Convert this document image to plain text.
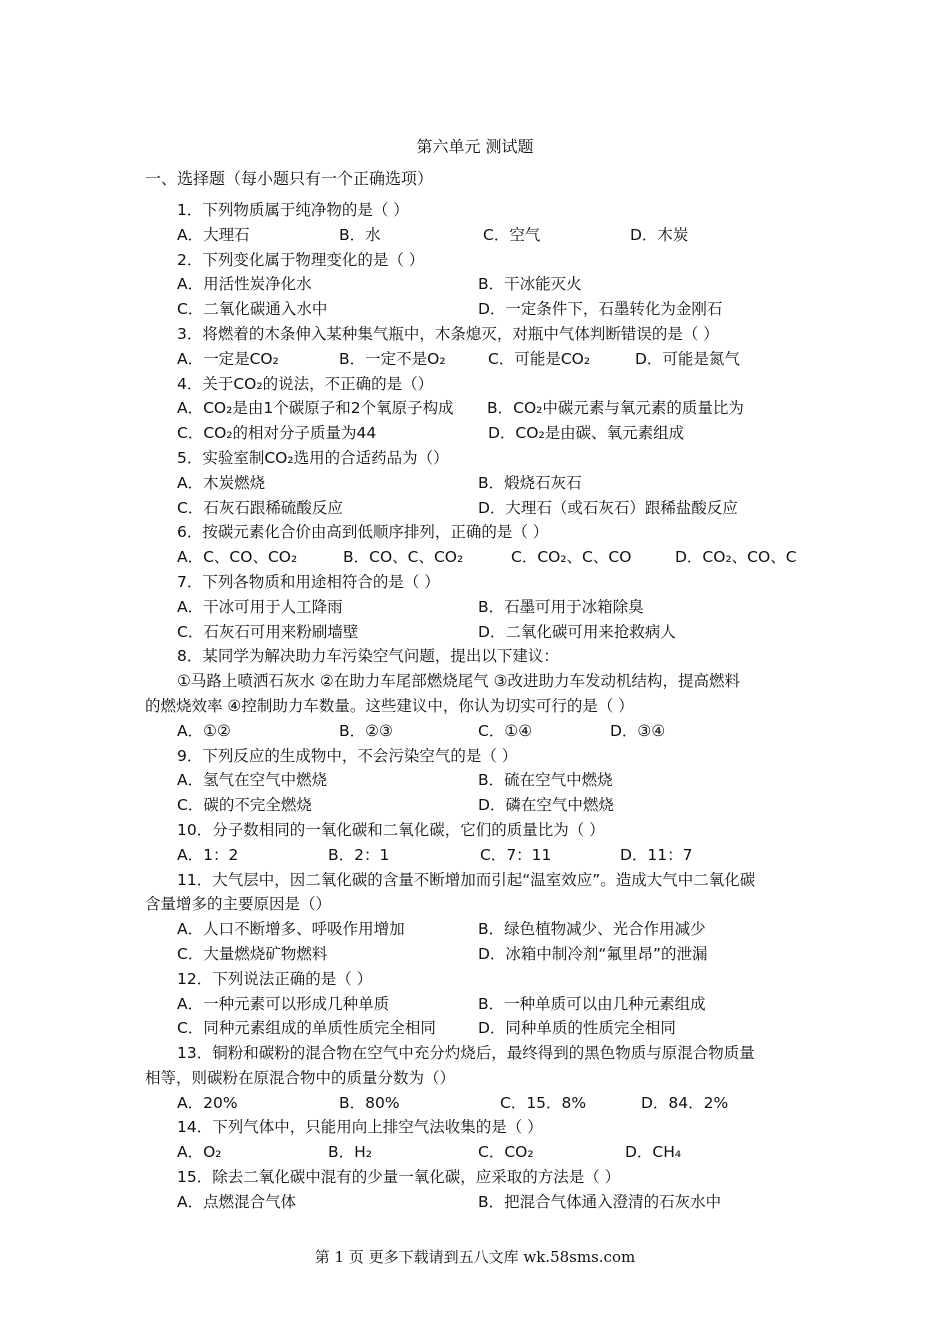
第六单元 测试题
一、选择题（每小题只有一个正确选项）
1．下列物质属于纯净物的是（ ）
A．大理石	B．水	C．空气	D．木炭
2．下列变化属于物理变化的是（ ）
A．用活性炭净化水	B．干冰能灭火
C．二氧化碳通入水中	D．一定条件下，石墨转化为金刚石
3．将燃着的木条伸入某种集气瓶中，木条熄灭，对瓶中气体判断错误的是（ ）
A．一定是CO₂	B．一定不是O₂	C．可能是CO₂	D．可能是氮气
4．关于CO₂的说法，不正确的是（）
A．CO₂是由1个碳原子和2个氧原子构成 B．CO₂中碳元素与氧元素的质量比为
C．CO₂的相对分子质量为44	D．CO₂是由碳、氧元素组成
5．实验室制CO₂选用的合适药品为（）
A．木炭燃烧	B．煅烧石灰石
C．石灰石跟稀硫酸反应	D．大理石（或石灰石）跟稀盐酸反应
6．按碳元素化合价由高到低顺序排列，正确的是（ ）
A．C、CO、CO₂	B．CO、C、CO₂	C．CO₂、C、CO	D．CO₂、CO、C
7．下列各物质和用途相符合的是（ ）
A．干冰可用于人工降雨	B．石墨可用于冰箱除臭
C．石灰石可用来粉刷墙壁	D．二氧化碳可用来抢救病人
8．某同学为解决助力车污染空气问题，提出以下建议：
①马路上喷洒石灰水 ②在助力车尾部燃烧尾气 ③改进助力车发动机结构，提高燃料
的燃烧效率 ④控制助力车数量。这些建议中，你认为切实可行的是（ ）
A．①②	B．②③	C．①④	D．③④
9．下列反应的生成物中，不会污染空气的是（ ）
A．氢气在空气中燃烧	B．硫在空气中燃烧
C．碳的不完全燃烧	D．磷在空气中燃烧
10．分子数相同的一氧化碳和二氧化碳，它们的质量比为（ ）
A．1：2	B．2：1	C．7：11	D．11：7
11．大气层中，因二氧化碳的含量不断增加而引起“温室效应”。造成大气中二氧化碳
含量增多的主要原因是（）
A．人口不断增多、呼吸作用增加	B．绿色植物减少、光合作用减少
C．大量燃烧矿物燃料	D．冰箱中制冷剂“氟里昂”的泄漏
12．下列说法正确的是（ ）
A．一种元素可以形成几种单质	B．一种单质可以由几种元素组成
C．同种元素组成的单质性质完全相同	D．同种单质的性质完全相同
13．铜粉和碳粉的混合物在空气中充分灼烧后，最终得到的黑色物质与原混合物质量
相等，则碳粉在原混合物中的质量分数为（）
A．20%	B．80%	C．15．8%	D．84．2%
14．下列气体中，只能用向上排空气法收集的是（ ）
A．O₂	B．H₂	C．CO₂	D．CH₄
15．除去二氧化碳中混有的少量一氧化碳，应采取的方法是（ ）
A．点燃混合气体	B．把混合气体通入澄清的石灰水中
第 1 页 更多下载请到五八文库 wk.58sms.com
